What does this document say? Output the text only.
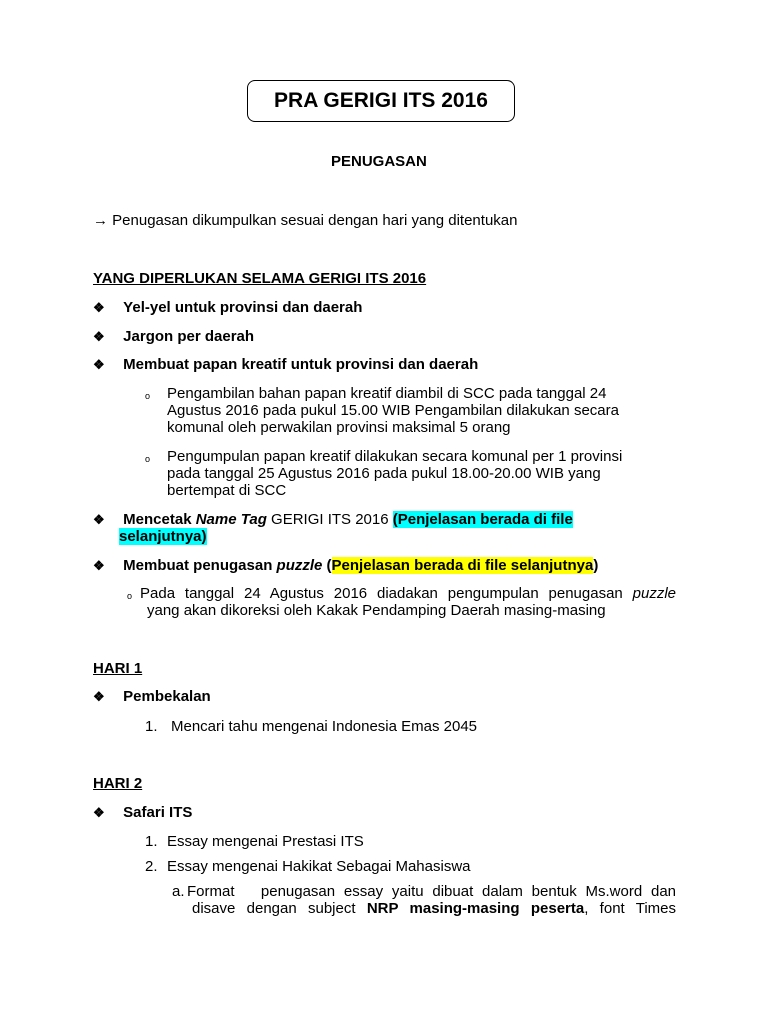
PRA GERIGI ITS 2016
PENUGASAN
→ Penugasan dikumpulkan sesuai dengan hari yang ditentukan
YANG DIPERLUKAN SELAMA GERIGI ITS 2016
❖ Yel-yel untuk provinsi dan daerah
❖ Jargon per daerah
❖ Membuat papan kreatif untuk provinsi dan daerah
o Pengambilan bahan papan kreatif diambil di SCC pada tanggal 24
Agustus 2016 pada pukul 15.00 WIB Pengambilan dilakukan secara
komunal oleh perwakilan provinsi maksimal 5 orang
o Pengumpulan papan kreatif dilakukan secara komunal per 1 provinsi
pada tanggal 25 Agustus 2016 pada pukul 18.00-20.00 WIB yang
bertempat di SCC
❖ Mencetak Name Tag GERIGI ITS 2016 (Penjelasan berada di file
selanjutnya)
❖ Membuat penugasan puzzle (Penjelasan berada di file selanjutnya)
o Pada tanggal 24 Agustus 2016 diadakan pengumpulan penugasan puzzle
yang akan dikoreksi oleh Kakak Pendamping Daerah masing-masing
HARI 1
❖ Pembekalan
1. Mencari tahu mengenai Indonesia Emas 2045
HARI 2
❖ Safari ITS
1. Essay mengenai Prestasi ITS
2. Essay mengenai Hakikat Sebagai Mahasiswa
a. Format   penugasan essay yaitu dibuat dalam bentuk Ms.word dan
disave dengan subject NRP masing-masing peserta, font Times
